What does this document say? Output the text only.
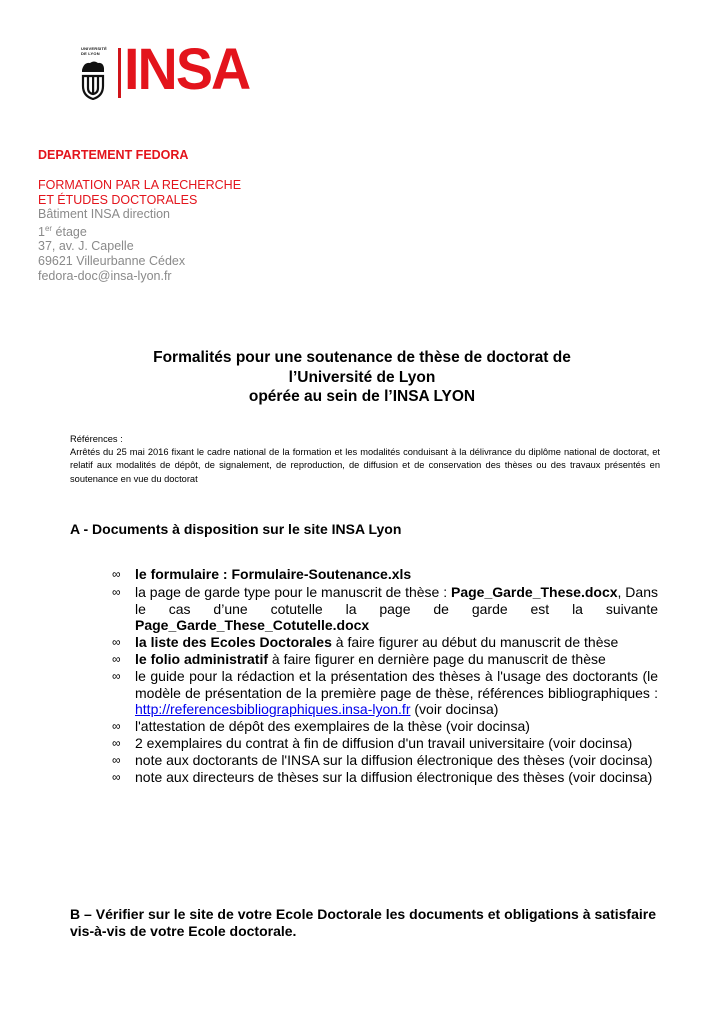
UNIVERSITÉ DE LYON INSA
DEPARTEMENT FEDORA
FORMATION PAR LA RECHERCHE
ET ÉTUDES DOCTORALES
Bâtiment INSA direction
1er étage
37, av. J. Capelle
69621 Villeurbanne Cédex
fedora-doc@insa-lyon.fr
Formalités pour une soutenance de thèse de doctorat de
l’Université de Lyon
opérée au sein de l’INSA LYON
Références :
Arrêtés du 25 mai 2016 fixant le cadre national de la formation et les modalités conduisant à la délivrance du diplôme national de doctorat, et relatif aux modalités de dépôt, de signalement, de reproduction, de diffusion et de conservation des thèses ou des travaux présentés en soutenance en vue du doctorat
A - Documents à disposition sur le site INSA Lyon
∞ le formulaire : Formulaire-Soutenance.xls
∞ la page de garde type pour le manuscrit de thèse : Page_Garde_These.docx, Dans le cas d’une cotutelle la page de garde est la suivante Page_Garde_These_Cotutelle.docx
∞ la liste des Ecoles Doctorales à faire figurer au début du manuscrit de thèse
∞ le folio administratif à faire figurer en dernière page du manuscrit de thèse
∞ le guide pour la rédaction et la présentation des thèses à l'usage des doctorants (le modèle de présentation de la première page de thèse, références bibliographiques : http://referencesbibliographiques.insa-lyon.fr (voir docinsa)
∞ l'attestation de dépôt des exemplaires de la thèse (voir docinsa)
∞ 2 exemplaires du contrat à fin de diffusion d'un travail universitaire (voir docinsa)
∞ note aux doctorants de l'INSA sur la diffusion électronique des thèses (voir docinsa)
∞ note aux directeurs de thèses sur la diffusion électronique des thèses (voir docinsa)
B – Vérifier sur le site de votre Ecole Doctorale les documents et obligations à satisfaire vis-à-vis de votre Ecole doctorale.
